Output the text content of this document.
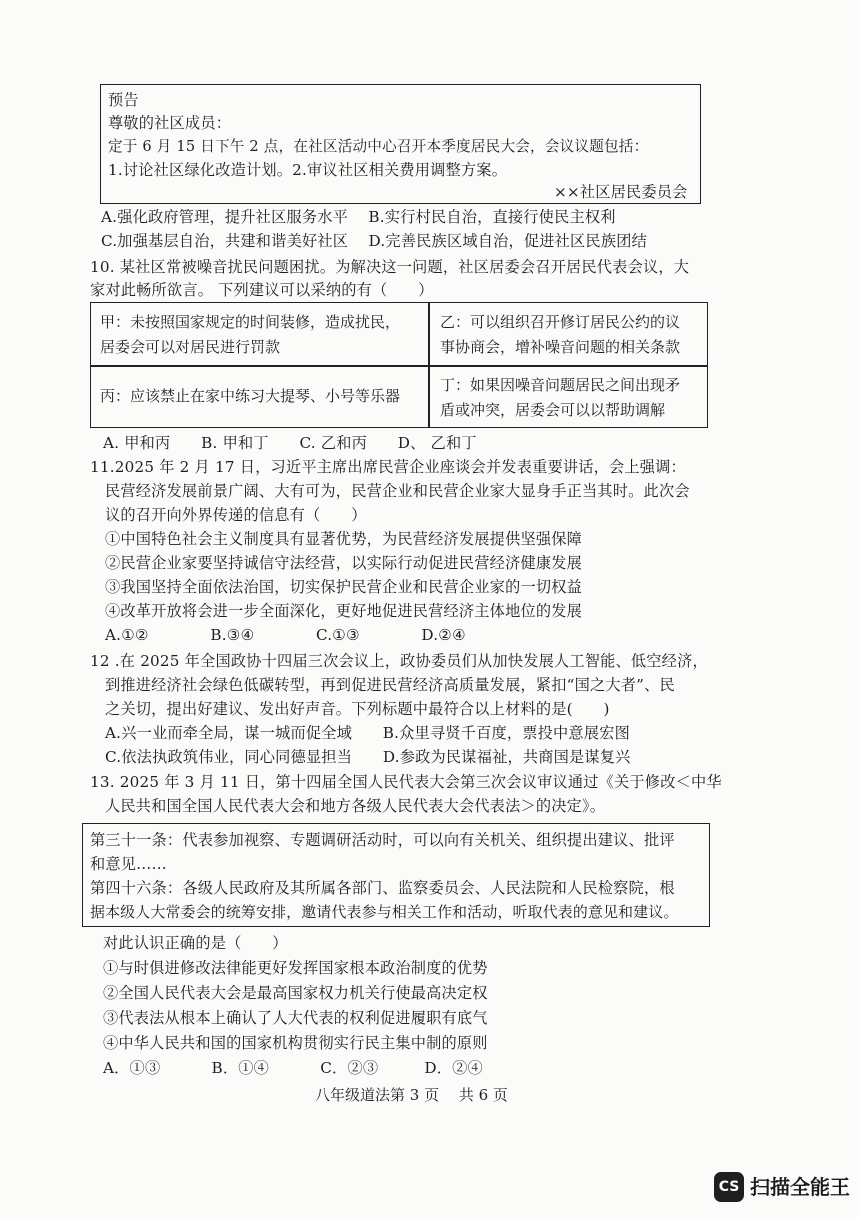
预告
尊敬的社区成员：
定于 6 月 15 日下午 2 点，在社区活动中心召开本季度居民大会，会议议题包括：
1.讨论社区绿化改造计划。2.审议社区相关费用调整方案。
××社区居民委员会
A.强化政府管理，提升社区服务水平　 B.实行村民自治，直接行使民主权利
C.加强基层自治，共建和谐美好社区　 D.完善民族区域自治，促进社区民族团结
10. 某社区常被噪音扰民问题困扰。为解决这一问题，社区居委会召开居民代表会议，大
家对此畅所欲言。 下列建议可以采纳的有（　　）
甲：未按照国家规定的时间装修，造成扰民，
居委会可以对居民进行罚款
乙：可以组织召开修订居民公约的议
事协商会，增补噪音问题的相关条款
丙：应该禁止在家中练习大提琴、小号等乐器
丁：如果因噪音问题居民之间出现矛
盾或冲突，居委会可以以帮助调解
A. 甲和丙　　B. 甲和丁　　C. 乙和丙　　D、 乙和丁
11.2025 年 2 月 17 日，习近平主席出席民营企业座谈会并发表重要讲话，会上强调：
民营经济发展前景广阔、大有可为，民营企业和民营企业家大显身手正当其时。此次会
议的召开向外界传递的信息有（　　）
①中国特色社会主义制度具有显著优势，为民营经济发展提供坚强保障
②民营企业家要坚持诚信守法经营，以实际行动促进民营经济健康发展
③我国坚持全面依法治国，切实保护民营企业和民营企业家的一切权益
④改革开放将会进一步全面深化，更好地促进民营经济主体地位的发展
A.①②　　　　B.③④　　　　C.①③　　　　D.②④
12 .在 2025 年全国政协十四届三次会议上，政协委员们从加快发展人工智能、低空经济，
到推进经济社会绿色低碳转型，再到促进民营经济高质量发展，紧扣“国之大者”、民
之关切，提出好建议、发出好声音。下列标题中最符合以上材料的是(　　)
A.兴一业而牵全局，谋一城而促全域　　B.众里寻贤千百度，票投中意展宏图
C.依法执政筑伟业，同心同德显担当　　D.参政为民谋福祉，共商国是谋复兴
13. 2025 年 3 月 11 日，第十四届全国人民代表大会第三次会议审议通过《关于修改＜中华
人民共和国全国人民代表大会和地方各级人民代表大会代表法＞的决定》。
第三十一条：代表参加视察、专题调研活动时，可以向有关机关、组织提出建议、批评
和意见……
第四十六条：各级人民政府及其所属各部门、监察委员会、人民法院和人民检察院，根
据本级人大常委会的统筹安排，邀请代表参与相关工作和活动，听取代表的意见和建议。
对此认识正确的是（　　）
①与时俱进修改法律能更好发挥国家根本政治制度的优势
②全国人民代表大会是最高国家权力机关行使最高决定权
③代表法从根本上确认了人大代表的权利促进履职有底气
④中华人民共和国的国家机构贯彻实行民主集中制的原则
A．①③　　　 B．①④　　　 C．②③　　　D．②④
八年级道法第 3 页　 共 6 页
CS 扫描全能王
